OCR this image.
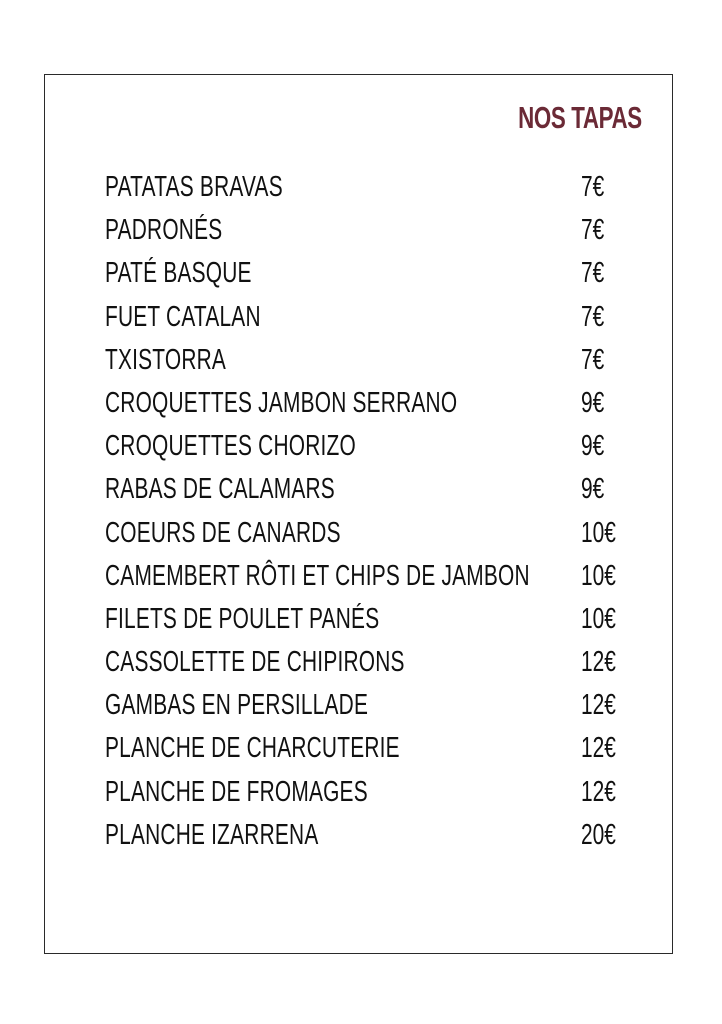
NOS TAPAS
PATATAS BRAVAS	7€
PADRONÉS	7€
PATÉ BASQUE	7€
FUET CATALAN	7€
TXISTORRA	7€
CROQUETTES JAMBON SERRANO	9€
CROQUETTES CHORIZO	9€
RABAS DE CALAMARS	9€
COEURS DE CANARDS	10€
CAMEMBERT RÔTI ET CHIPS DE JAMBON 10€
FILETS DE POULET PANÉS	10€
CASSOLETTE DE CHIPIRONS	12€
GAMBAS EN PERSILLADE	12€
PLANCHE DE CHARCUTERIE	12€
PLANCHE DE FROMAGES	12€
PLANCHE IZARRENA	20€
